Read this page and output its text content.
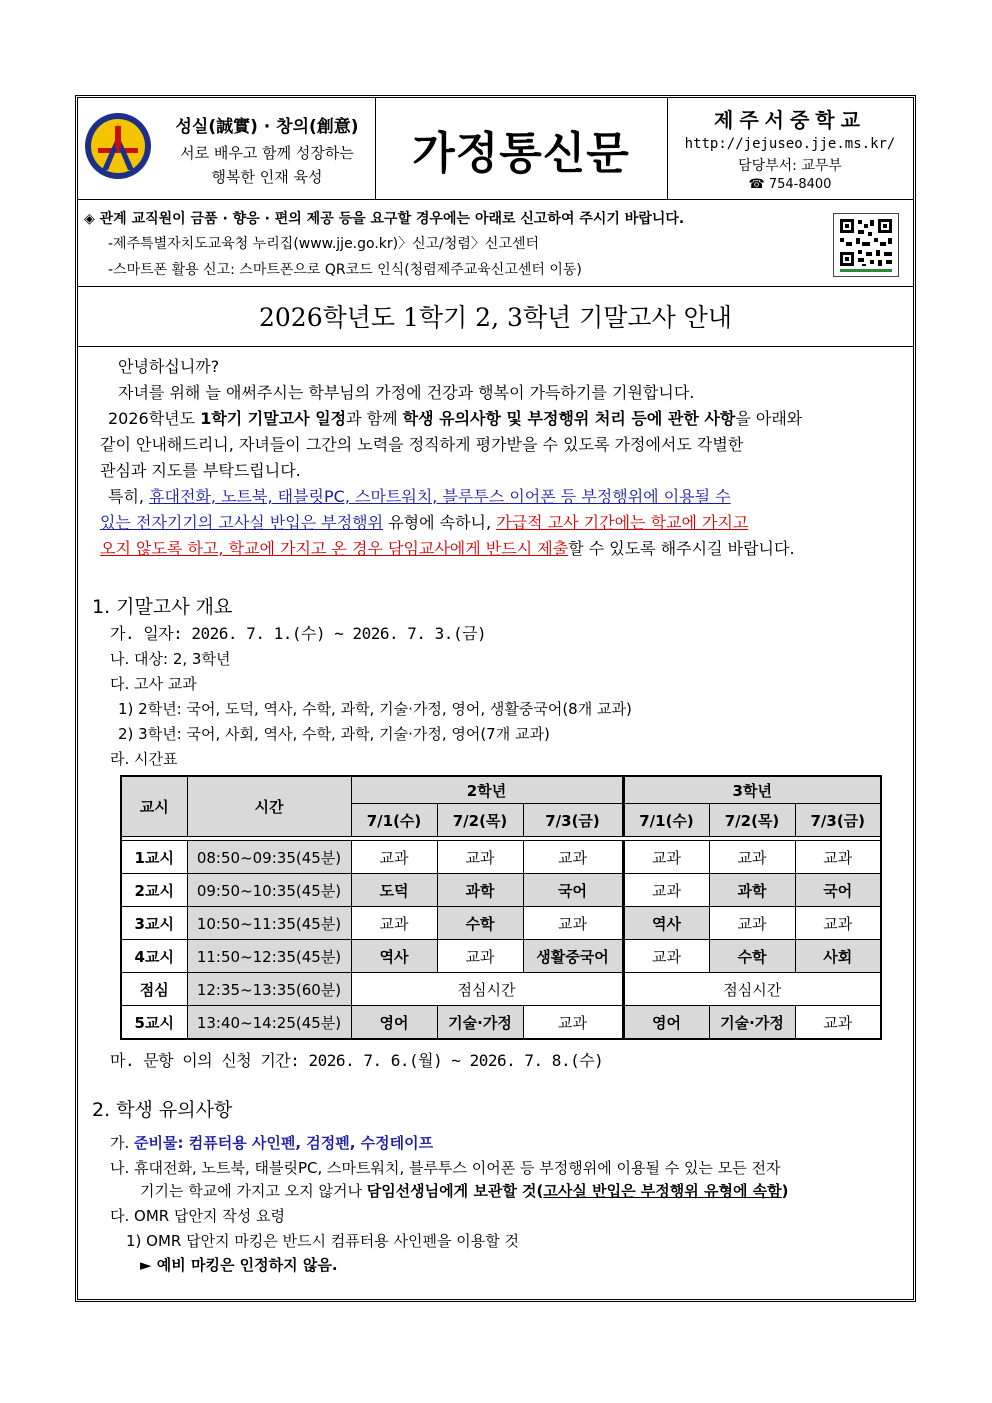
성실(誠實) · 창의(創意)
서로 배우고 함께 성장하는
행복한 인재 육성	가정통신문
제주서중학교
http://jejuseo.jje.ms.kr/
담당부서: 교무부
☎ 754-8400
◈ 관계 교직원이 금품 · 향응 · 편의 제공 등을 요구할 경우에는 아래로 신고하여 주시기 바랍니다.
-제주특별자치도교육청 누리집(www.jje.go.kr)〉신고/청렴〉신고센터
-스마트폰 활용 신고: 스마트폰으로 QR코드 인식(청렴제주교육신고센터 이동)
2026학년도 1학기 2, 3학년 기말고사 안내
안녕하십니까?
자녀를 위해 늘 애써주시는 학부님의 가정에 건강과 행복이 가득하기를 기원합니다.
2026학년도 1학기 기말고사 일정과 함께 학생 유의사항 및 부정행위 처리 등에 관한 사항을 아래와
같이 안내해드리니, 자녀들이 그간의 노력을 정직하게 평가받을 수 있도록 가정에서도 각별한
관심과 지도를 부탁드립니다.
특히, 휴대전화, 노트북, 태블릿PC, 스마트워치, 블루투스 이어폰 등 부정행위에 이용될 수
있는 전자기기의 고사실 반입은 부정행위 유형에 속하니, 가급적 고사 기간에는 학교에 가지고
오지 않도록 하고, 학교에 가지고 온 경우 담임교사에게 반드시 제출할 수 있도록 해주시길 바랍니다.
1. 기말고사 개요
가. 일자: 2026. 7. 1.(수) ~ 2026. 7. 3.(금)
나. 대상: 2, 3학년
다. 고사 교과
1) 2학년: 국어, 도덕, 역사, 수학, 과학, 기술·가정, 영어, 생활중국어(8개 교과)
2) 3학년: 국어, 사회, 역사, 수학, 과학, 기술·가정, 영어(7개 교과)
라. 시간표
교시	시간	2학년			3학년		
		7/1(수)	7/2(목)	7/3(금)	7/1(수)	7/2(목)	7/3(금)

1교시	08:50~09:35(45분)	교과	교과	교과	교과	교과	교과
2교시	09:50~10:35(45분)	도덕	과학	국어	교과	과학	국어
3교시	10:50~11:35(45분)	교과	수학	교과	역사	교과	교과
4교시	11:50~12:35(45분)	역사	교과	생활중국어	교과	수학	사회
점심	12:35~13:35(60분)	점심시간			점심시간		
5교시	13:40~14:25(45분)	영어	기술·가정	교과	영어	기술·가정	교과
마. 문항 이의 신청 기간: 2026. 7. 6.(월) ~ 2026. 7. 8.(수)
2. 학생 유의사항
가. 준비물: 컴퓨터용 사인펜, 검정펜, 수정테이프
나. 휴대전화, 노트북, 태블릿PC, 스마트워치, 블루투스 이어폰 등 부정행위에 이용될 수 있는 모든 전자
기기는 학교에 가지고 오지 않거나 담임선생님에게 보관할 것(고사실 반입은 부정행위 유형에 속함)
다. OMR 답안지 작성 요령
1) OMR 답안지 마킹은 반드시 컴퓨터용 사인펜을 이용할 것
► 예비 마킹은 인정하지 않음.
